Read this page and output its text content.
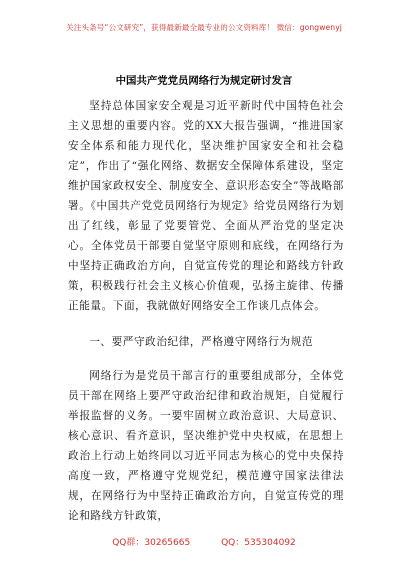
关注头条号“公文研究”，获得最新最全最专业的公文资料库！ 微信：gongwenyj
中国共产党党员网络行为规定研讨发言
坚持总体国家安全观是习近平新时代中国特色社会主义思想的重要内容。党的XX大报告强调，“推进国家安全体系和能力现代化，坚决维护国家安全和社会稳定”，作出了“强化网络、数据安全保障体系建设，坚定维护国家政权安全、制度安全、意识形态安全”等战略部署。《中国共产党党员网络行为规定》给党员网络行为划出了红线，彰显了党要管党、全面从严治党的坚定决心。全体党员干部要自觉坚守原则和底线，在网络行为中坚持正确政治方向，自觉宣传党的理论和路线方针政策，积极践行社会主义核心价值观，弘扬主旋律、传播正能量。下面，我就做好网络安全工作谈几点体会。
一、要严守政治纪律，严格遵守网络行为规范
网络行为是党员干部言行的重要组成部分，全体党员干部在网络上要严守政治纪律和政治规矩，自觉履行举报监督的义务。一要牢固树立政治意识、大局意识、核心意识、看齐意识，坚决维护党中央权威，在思想上政治上行动上始终同以习近平同志为核心的党中央保持高度一致，严格遵守党规党纪，模范遵守国家法律法规，在网络行为中坚持正确政治方向，自觉宣传党的理论和路线方针政策，
QQ群：30265665	QQ：535304092
